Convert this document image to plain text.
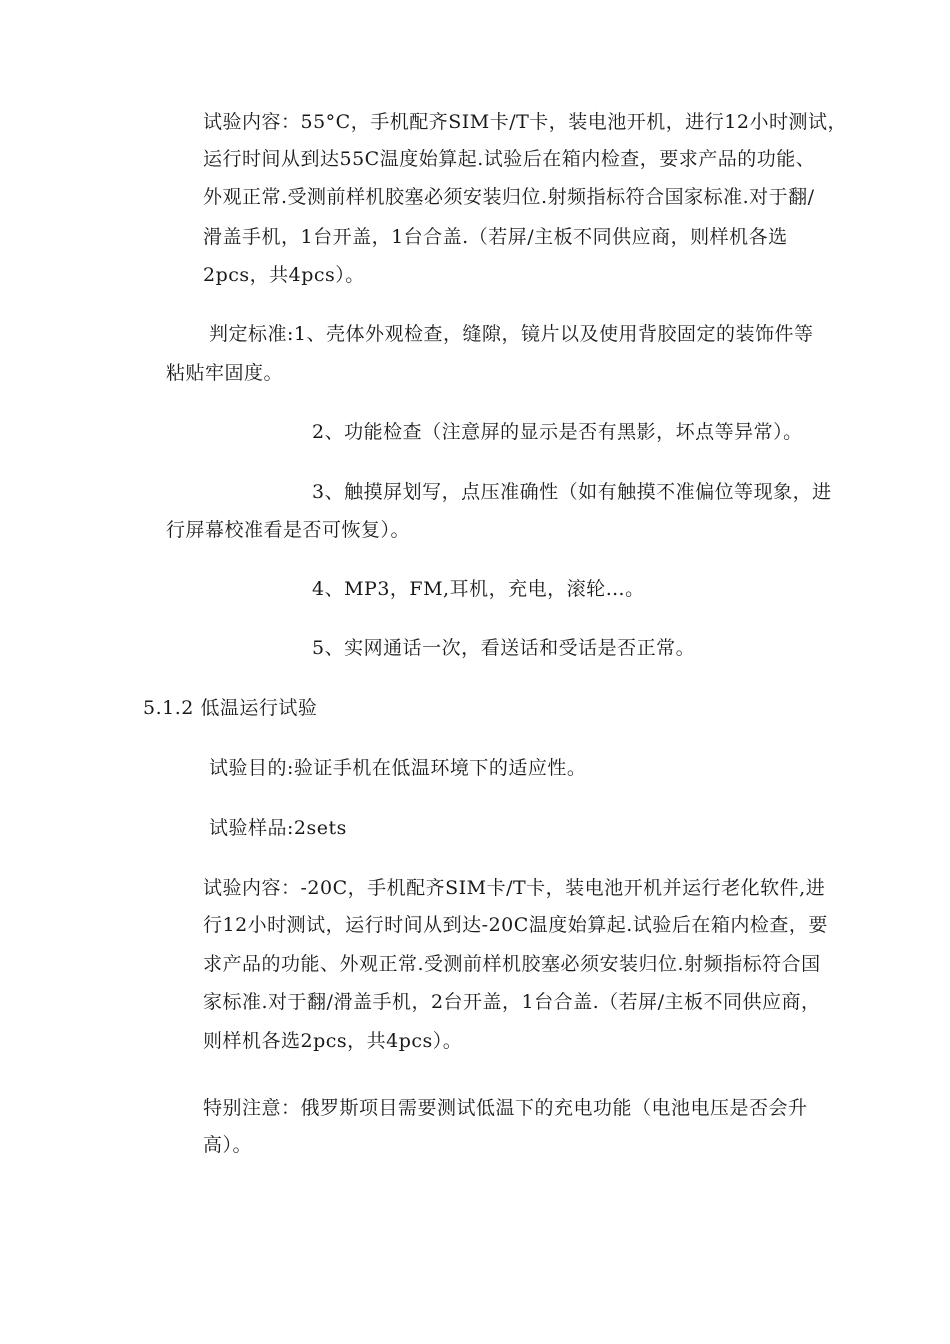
试验内容：55°C，手机配齐SIM卡/T卡，装电池开机，进行12小时测试，
运行时间从到达55C温度始算起.试验后在箱内检查，要求产品的功能、
外观正常.受测前样机胶塞必须安装归位.射频指标符合国家标准.对于翻/
滑盖手机，1台开盖，1台合盖.（若屏/主板不同供应商，则样机各选
2pcs，共4pcs）。
判定标准:1、壳体外观检查，缝隙，镜片以及使用背胶固定的装饰件等
粘贴牢固度。
2、功能检查（注意屏的显示是否有黑影，坏点等异常）。
3、触摸屏划写，点压准确性（如有触摸不准偏位等现象，进
行屏幕校准看是否可恢复）。
4、MP3，FM,耳机，充电，滚轮…。
5、实网通话一次，看送话和受话是否正常。
5.1.2 低温运行试验
试验目的:验证手机在低温环境下的适应性。
试验样品:2sets
试验内容：-20C，手机配齐SIM卡/T卡，装电池开机并运行老化软件,进
行12小时测试，运行时间从到达-20C温度始算起.试验后在箱内检查，要
求产品的功能、外观正常.受测前样机胶塞必须安装归位.射频指标符合国
家标准.对于翻/滑盖手机，2台开盖，1台合盖.（若屏/主板不同供应商，
则样机各选2pcs，共4pcs）。
特别注意：俄罗斯项目需要测试低温下的充电功能（电池电压是否会升
高）。
